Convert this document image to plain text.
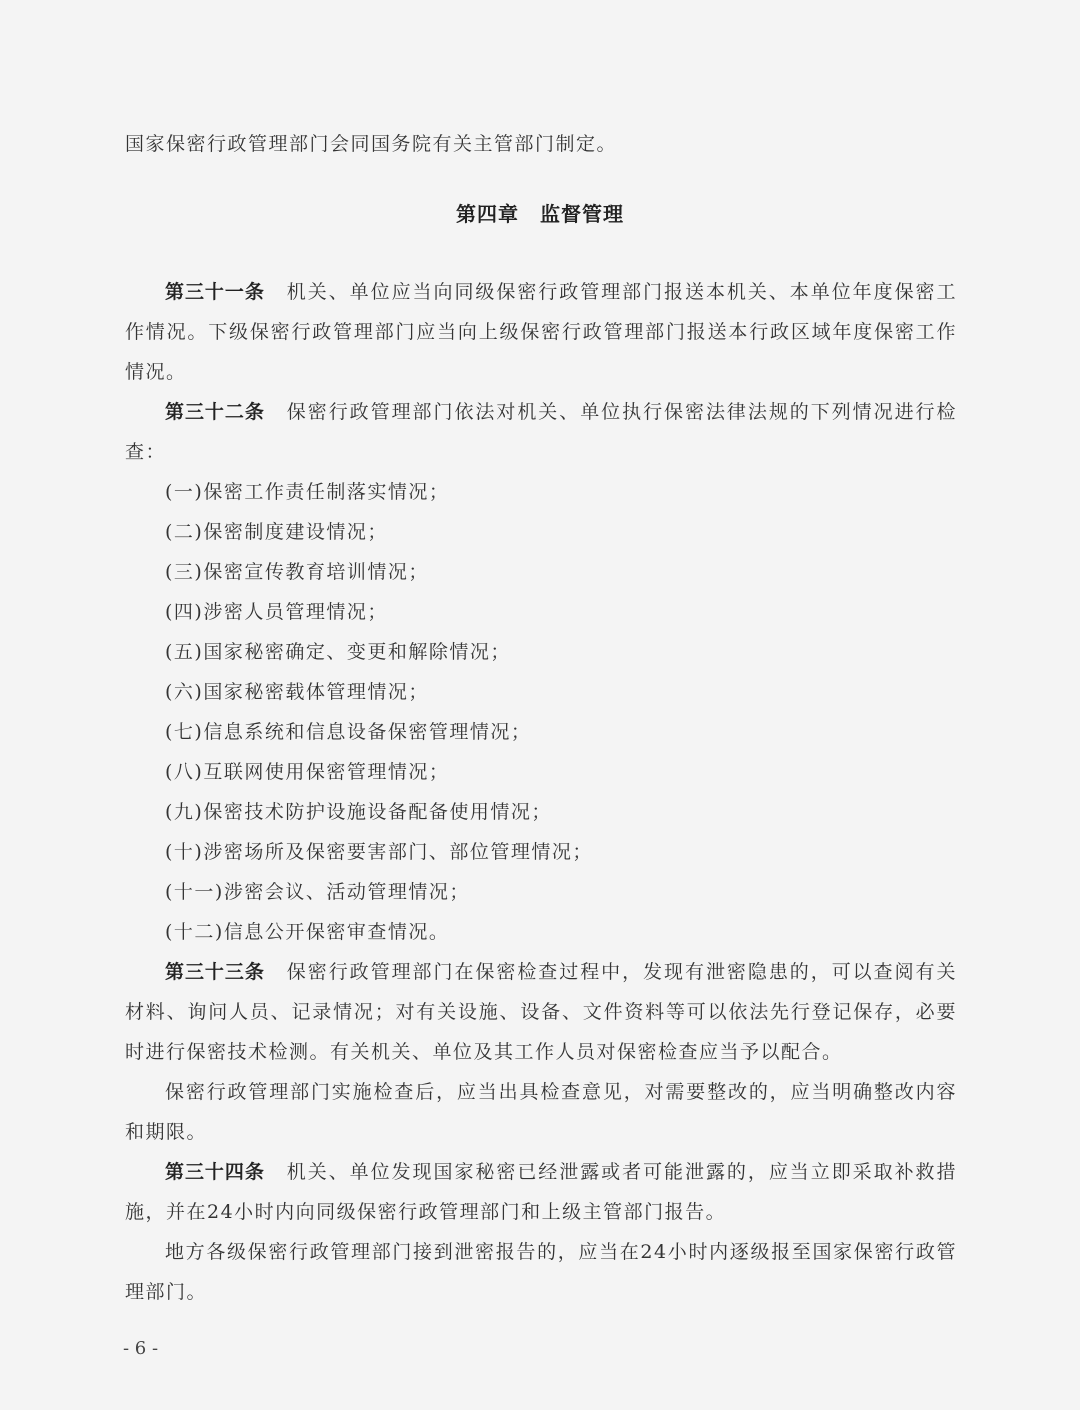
国家保密行政管理部门会同国务院有关主管部门制定。

第四章　监督管理

第三十一条 机关、单位应当向同级保密行政管理部门报送本机关、本单位年度保密工作情况。下级保密行政管理部门应当向上级保密行政管理部门报送本行政区域年度保密工作情况。

第三十二条 保密行政管理部门依法对机关、单位执行保密法律法规的下列情况进行检查：

(一)保密工作责任制落实情况；

(二)保密制度建设情况；

(三)保密宣传教育培训情况；

(四)涉密人员管理情况；

(五)国家秘密确定、变更和解除情况；

(六)国家秘密载体管理情况；

(七)信息系统和信息设备保密管理情况；

(八)互联网使用保密管理情况；

(九)保密技术防护设施设备配备使用情况；

(十)涉密场所及保密要害部门、部位管理情况；

(十一)涉密会议、活动管理情况；

(十二)信息公开保密审查情况。

第三十三条 保密行政管理部门在保密检查过程中，发现有泄密隐患的，可以查阅有关材料、询问人员、记录情况；对有关设施、设备、文件资料等可以依法先行登记保存，必要时进行保密技术检测。有关机关、单位及其工作人员对保密检查应当予以配合。

保密行政管理部门实施检查后，应当出具检查意见，对需要整改的，应当明确整改内容和期限。

第三十四条 机关、单位发现国家秘密已经泄露或者可能泄露的，应当立即采取补救措施，并在24小时内向同级保密行政管理部门和上级主管部门报告。

地方各级保密行政管理部门接到泄密报告的，应当在24小时内逐级报至国家保密行政管理部门。

- 6 -
